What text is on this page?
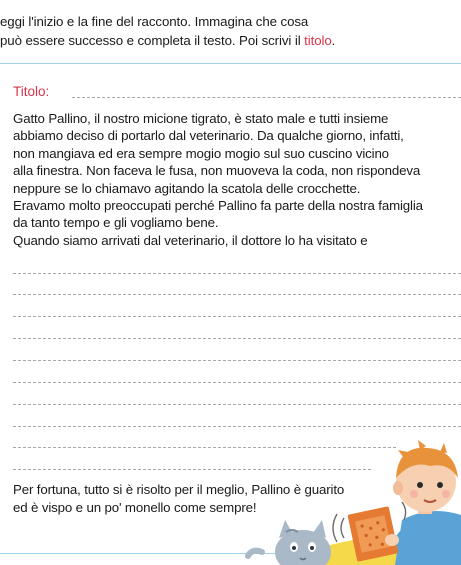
eggi l'inizio e la fine del racconto. Immagina che cosa
può essere successo e completa il testo. Poi scrivi il titolo.
Titolo:
Gatto Pallino, il nostro micione tigrato, è stato male e tutti insieme
abbiamo deciso di portarlo dal veterinario. Da qualche giorno, infatti,
non mangiava ed era sempre mogio mogio sul suo cuscino vicino
alla finestra. Non faceva le fusa, non muoveva la coda, non rispondeva
neppure se lo chiamavo agitando la scatola delle crocchette.
Eravamo molto preoccupati perché Pallino fa parte della nostra famiglia
da tanto tempo e gli vogliamo bene.
Quando siamo arrivati dal veterinario, il dottore lo ha visitato e
Per fortuna, tutto si è risolto per il meglio, Pallino è guarito
ed è vispo e un po' monello come sempre!
